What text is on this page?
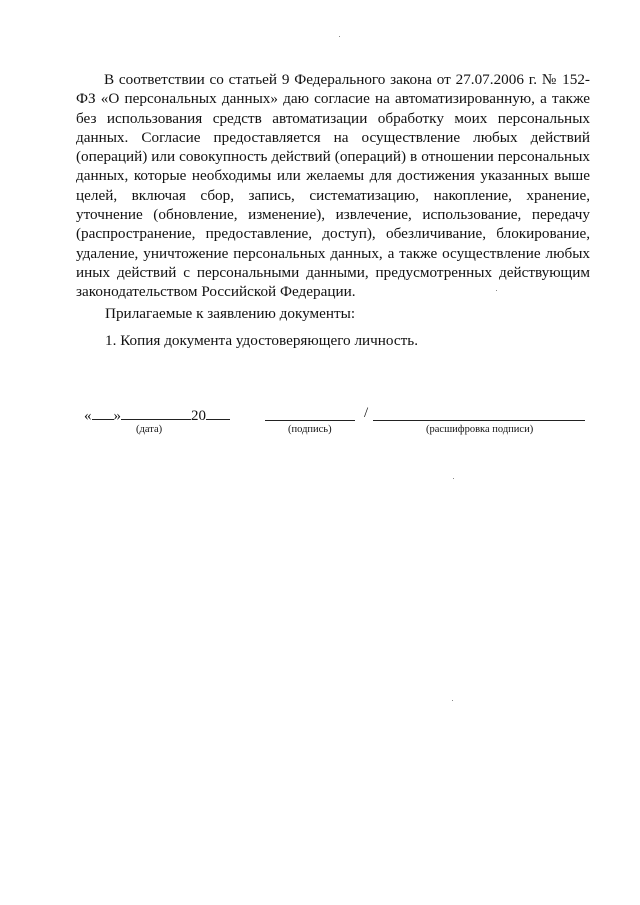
В соответствии со статьей 9 Федерального закона от 27.07.2006 г. № 152-ФЗ «О персональных данных» даю согласие на автоматизированную, а также без использования средств автоматизации обработку моих персональных данных. Согласие предоставляется на осуществление любых действий (операций) или совокупность действий (операций) в отношении персональных данных, которые необходимы или желаемы для достижения указанных выше целей, включая сбор, запись, систематизацию, накопление, хранение, уточнение (обновление, изменение), извлечение, использование, передачу (распространение, предоставление, доступ), обезличивание, блокирование, удаление, уничтожение персональных данных, а также осуществление любых иных действий с персональными данными, предусмотренных действующим законодательством Российской Федерации.

Прилагаемые к заявлению документы:

1. Копия документа удостоверяющего личность.

« »	20
(дата)	(подпись)
/
(расшифровка подписи)
